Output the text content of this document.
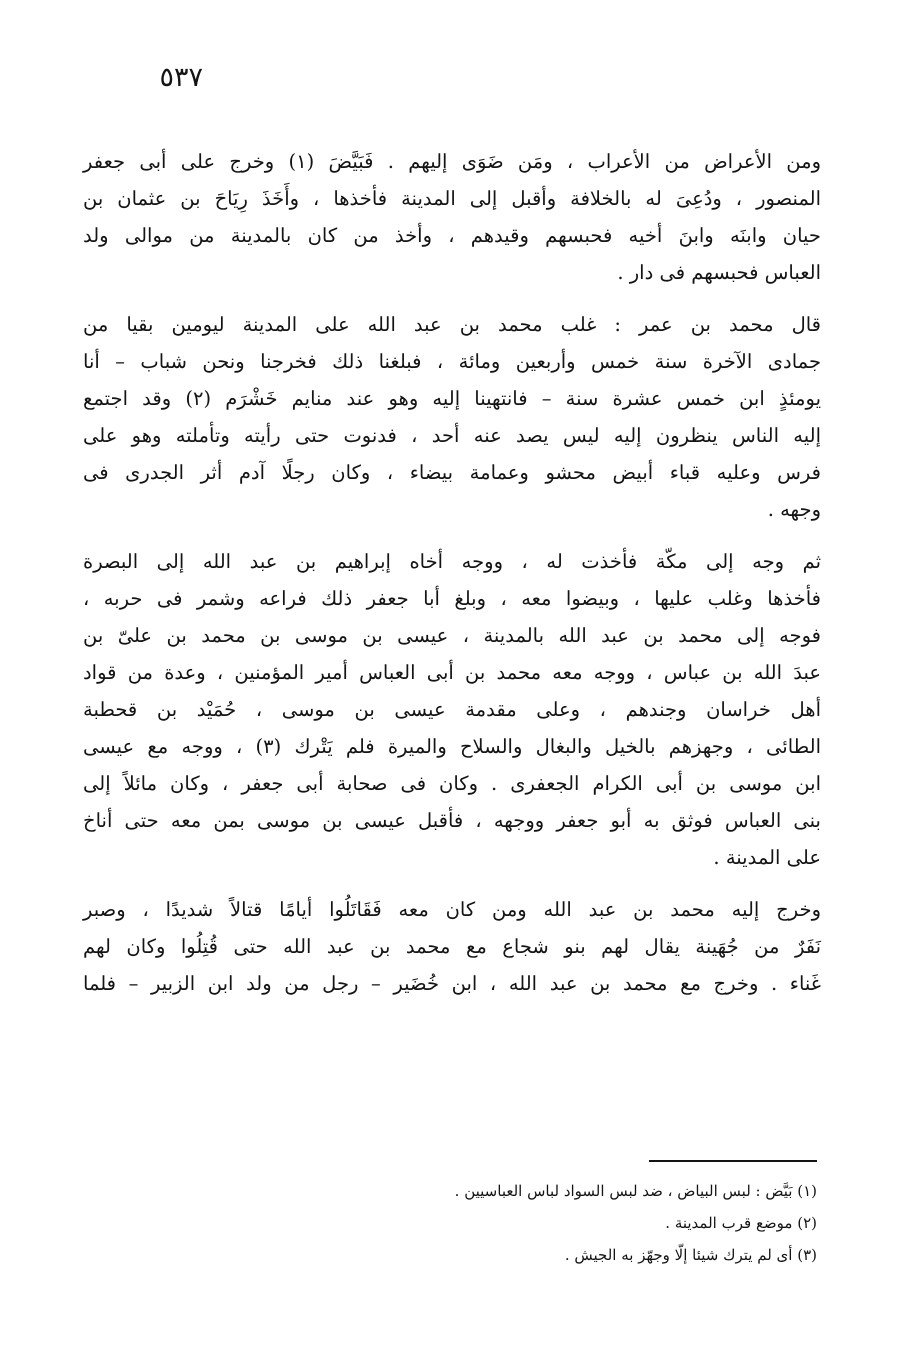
٥٣٧

ومن الأعراض من الأعراب ، ومَن ضَوَى إليهم . فَبَيَّضَ (١) وخرج على أبى جعفر
المنصور ، ودُعِىَ له بالخلافة وأقبل إلى المدينة فأخذها ، وأَخَذَ رِيَاحَ بن عثمان بن
حيان وابنَه وابنَ أخيه فحبسهم وقيدهم ، وأخذ من كان بالمدينة من موالى ولد
العباس فحبسهم فى دار .

قال محمد بن عمر : غلب محمد بن عبد الله على المدينة ليومين بقيا من
جمادى الآخرة سنة خمس وأربعين ومائة ، فبلغنا ذلك فخرجنا ونحن شباب – أنا
يومئذٍ ابن خمس عشرة سنة – فانتهينا إليه وهو عند منايم خَشْرَم (٢) وقد اجتمع
إليه الناس ينظرون إليه ليس يصد عنه أحد ، فدنوت حتى رأيته وتأملته وهو على
فرس وعليه قباء أبيض محشو وعمامة بيضاء ، وكان رجلًا آدم أثر الجدرى فى
وجهه .

ثم وجه إلى مكّة فأخذت له ، ووجه أخاه إبراهيم بن عبد الله إلى البصرة
فأخذها وغلب عليها ، وبيضوا معه ، وبلغ أبا جعفر ذلك فراعه وشمر فى حربه ،
فوجه إلى محمد بن عبد الله بالمدينة ، عيسى بن موسى بن محمد بن علىّ بن
عبدَ الله بن عباس ، ووجه معه محمد بن أبى العباس أمير المؤمنين ، وعدة من قواد
أهل خراسان وجندهم ، وعلى مقدمة عيسى بن موسى ، حُمَيْد بن قحطبة
الطائى ، وجهزهم بالخيل والبغال والسلاح والميرة فلم يَتْرك (٣) ، ووجه مع عيسى
ابن موسى بن أبى الكرام الجعفرى . وكان فى صحابة أبى جعفر ، وكان مائلاً إلى
بنى العباس فوثق به أبو جعفر ووجهه ، فأقبل عيسى بن موسى بمن معه حتى أناخ
على المدينة .

وخرج إليه محمد بن عبد الله ومن كان معه فَقَاتَلُوا أيامًا قتالاً شديدًا ، وصبر
نَفَرٌ من جُهَينة يقال لهم بنو شجاع مع محمد بن عبد الله حتى قُتِلُوا وكان لهم
غَناء . وخرج مع محمد بن عبد الله ، ابن خُضَير – رجل من ولد ابن الزبير – فلما

(١) بَيَّض : لبس البياض ، ضد لبس السواد لباس العباسيين .
(٢) موضع قرب المدينة .
(٣) أى لم يترك شيئا إلّا وجهّز به الجيش .
